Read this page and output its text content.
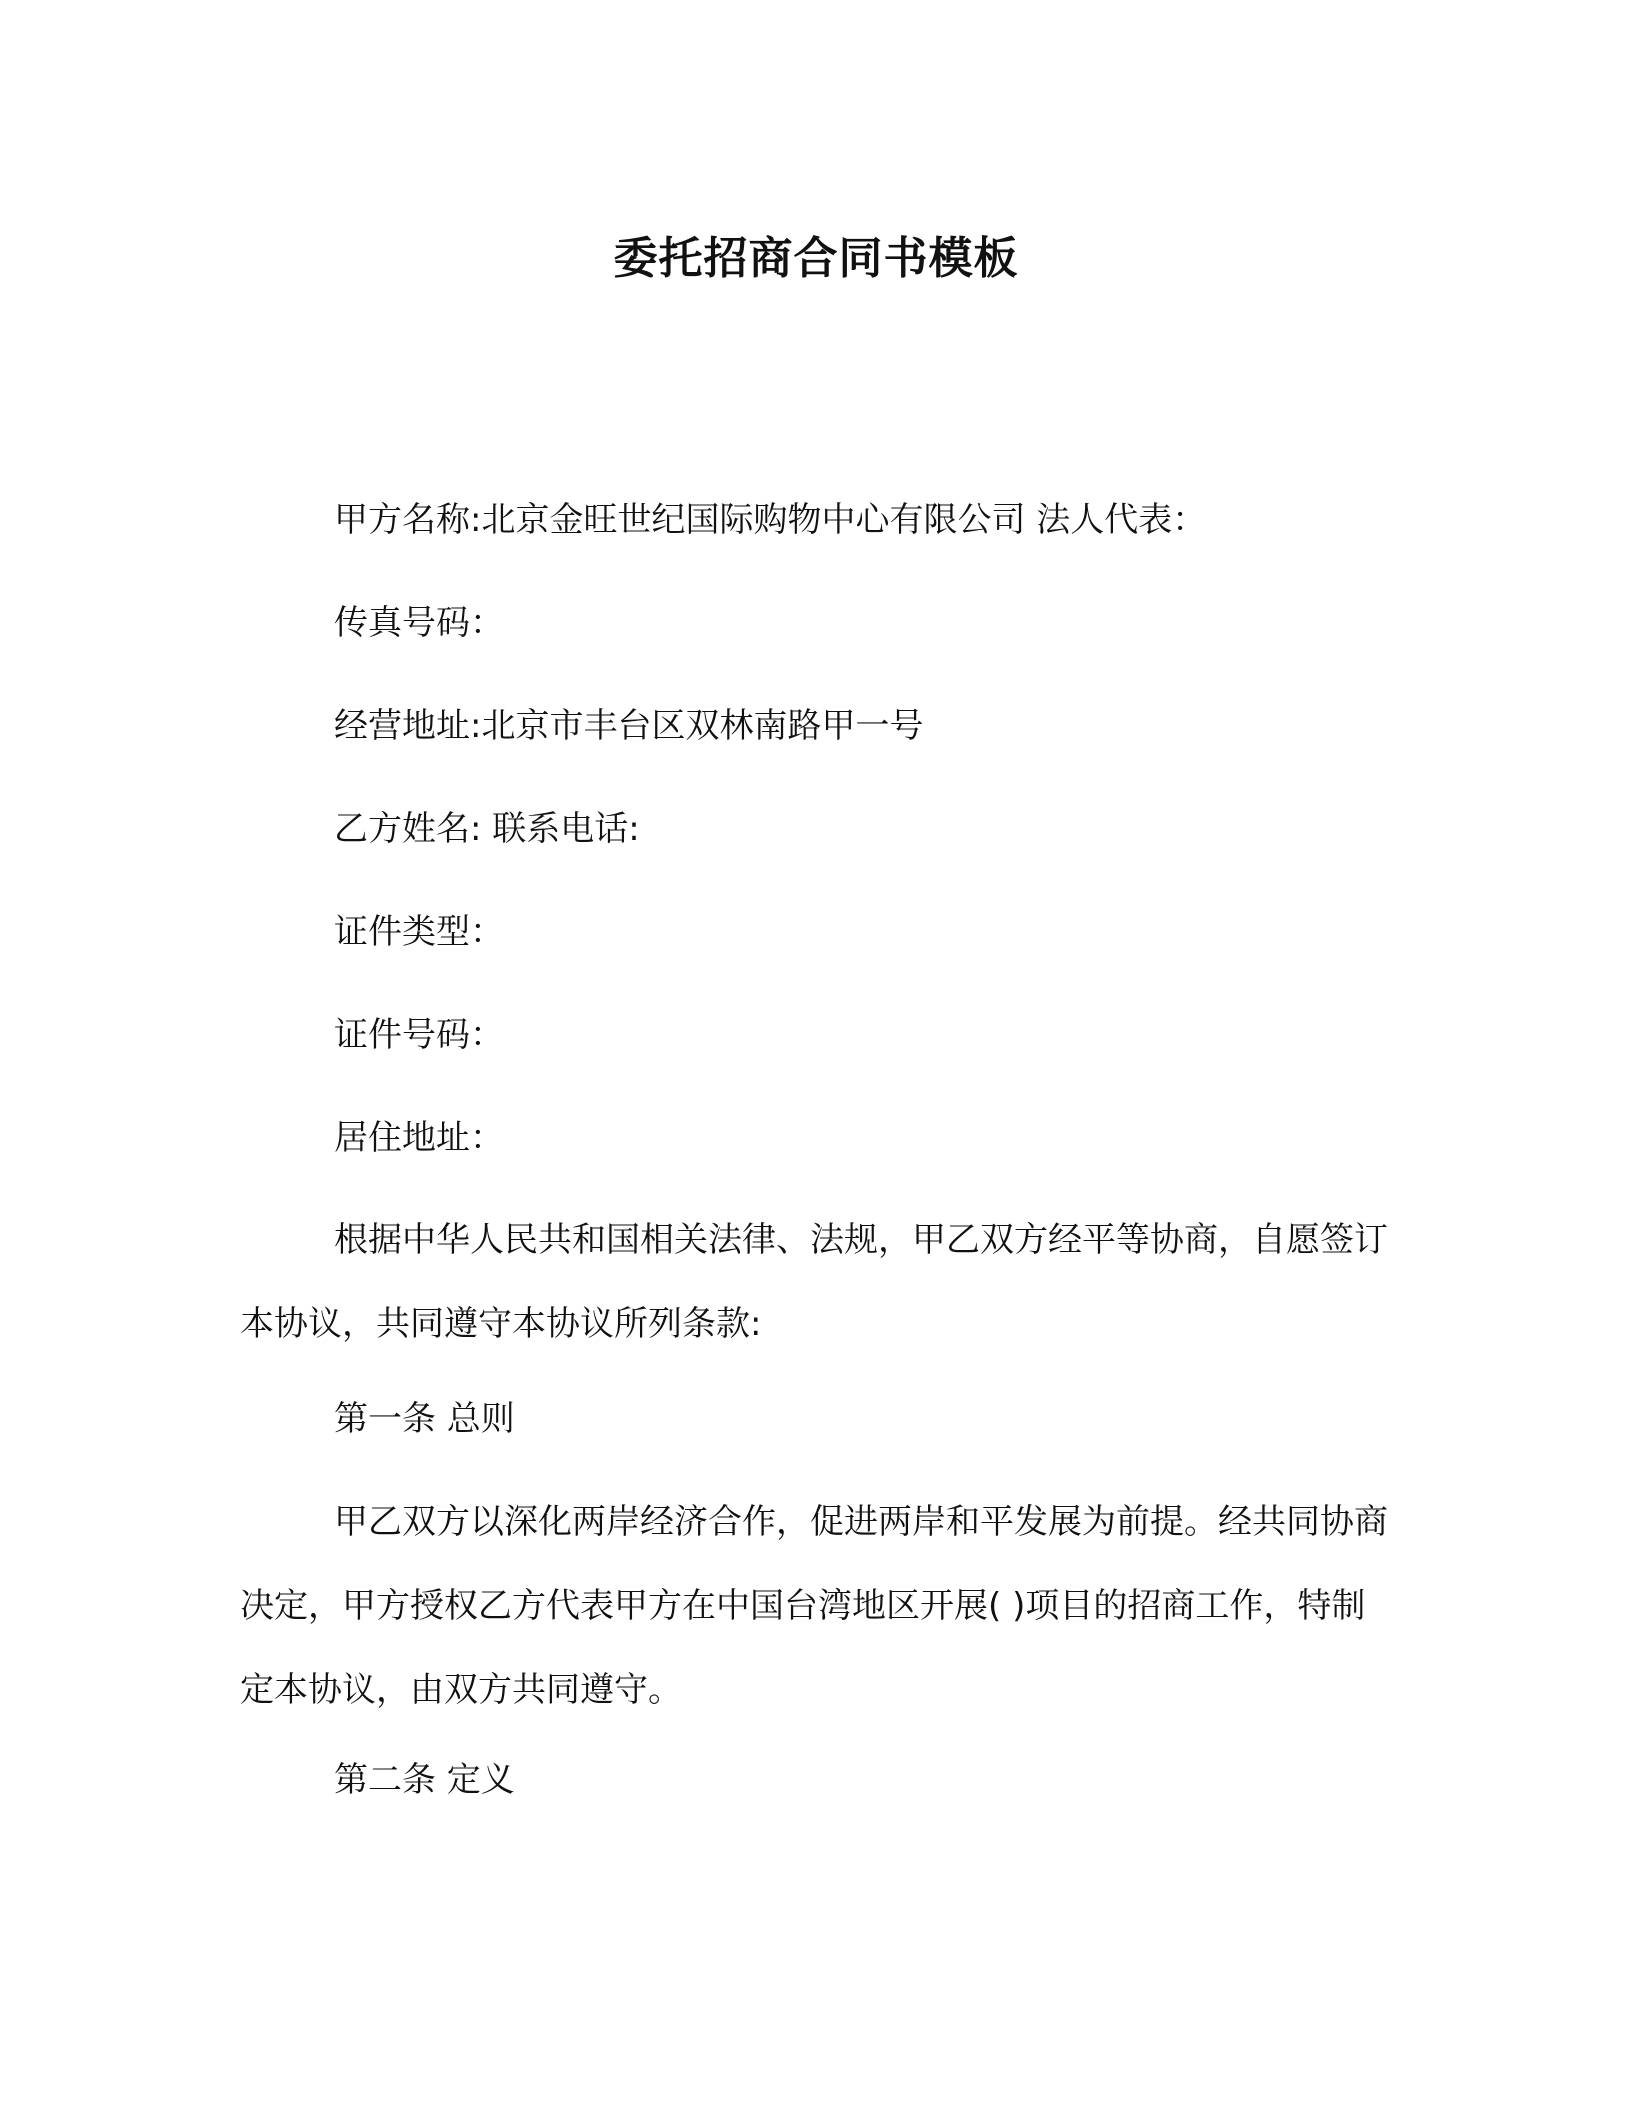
委托招商合同书模板
甲方名称:北京金旺世纪国际购物中心有限公司 法人代表：
传真号码：
经营地址:北京市丰台区双林南路甲一号
乙方姓名: 联系电话:
证件类型：
证件号码：
居住地址：

根据中华人民共和国相关法律、法规，甲乙双方经平等协商，自愿签订本协议，共同遵守本协议所列条款:

第一条 总则

甲乙双方以深化两岸经济合作，促进两岸和平发展为前提。经共同协商决定，甲方授权乙方代表甲方在中国台湾地区开展( )项目的招商工作，特制定本协议，由双方共同遵守。

第二条 定义
